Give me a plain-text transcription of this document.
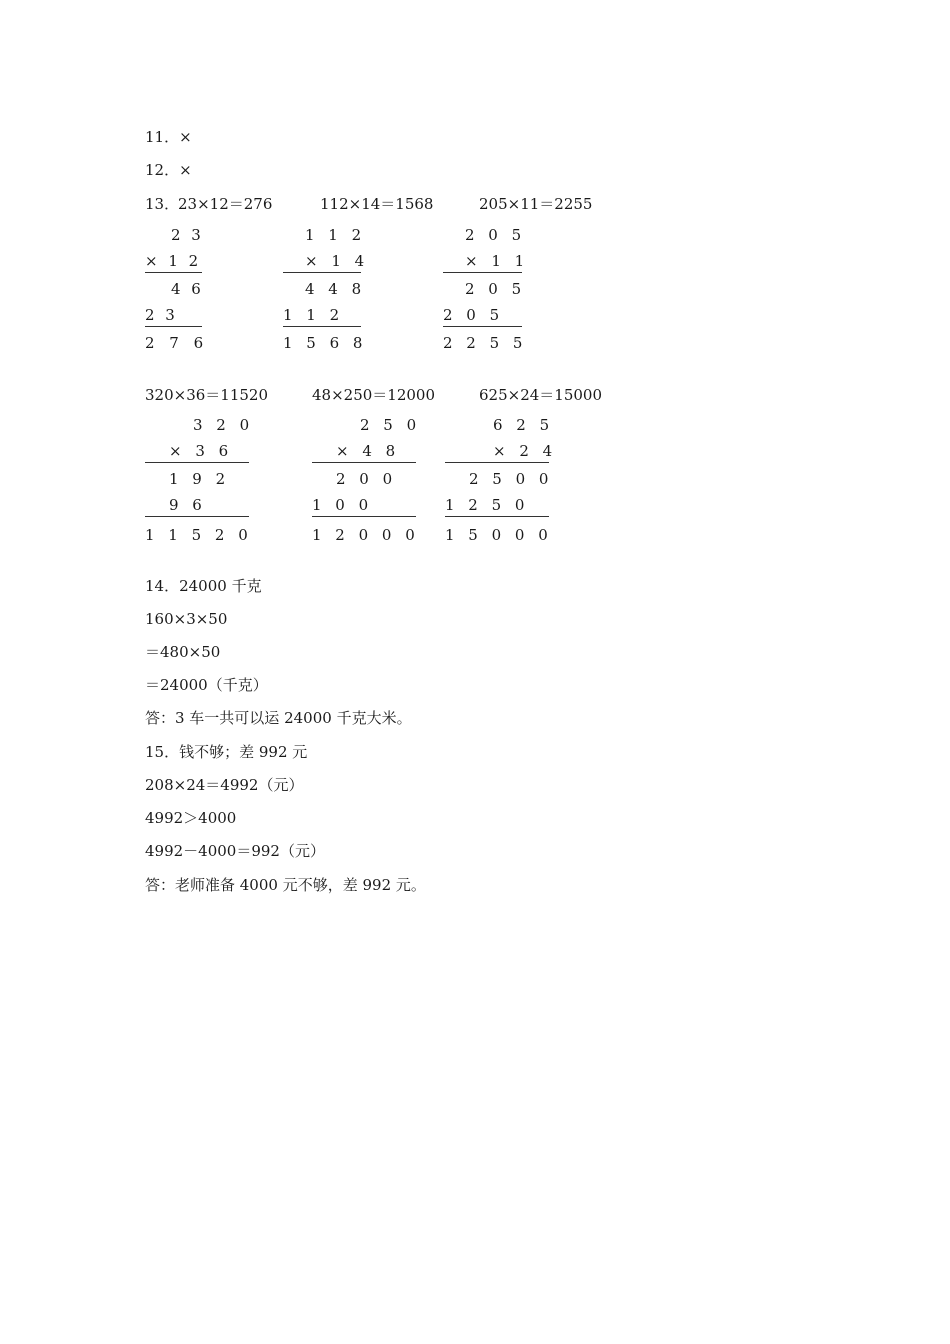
11．×
12．×
13．
23×12＝276	112×14＝1568	205×11＝2255
2 3
× 1 2
4 6
2 3
2 7 6
1 1 2
× 1 4
4 4 8
1 1 2
1 5 6 8
2 0 5
× 1 1
2 0 5
2 0 5
2 2 5 5
320×36＝11520	48×250＝12000	625×24＝15000
3 2 0
× 3 6
1 9 2
9 6
1 1 5 2 0
2 5 0
× 4 8
2 0 0
1 0 0
1 2 0 0 0
6 2 5
× 2 4
2 5 0 0
1 2 5 0
1 5 0 0 0
14．24000 千克
160×3×50
＝480×50
＝24000（千克）
答：3 车一共可以运 24000 千克大米。
15．钱不够；差 992 元
208×24＝4992（元）
4992＞4000
4992－4000＝992（元）
答：老师准备 4000 元不够，差 992 元。
